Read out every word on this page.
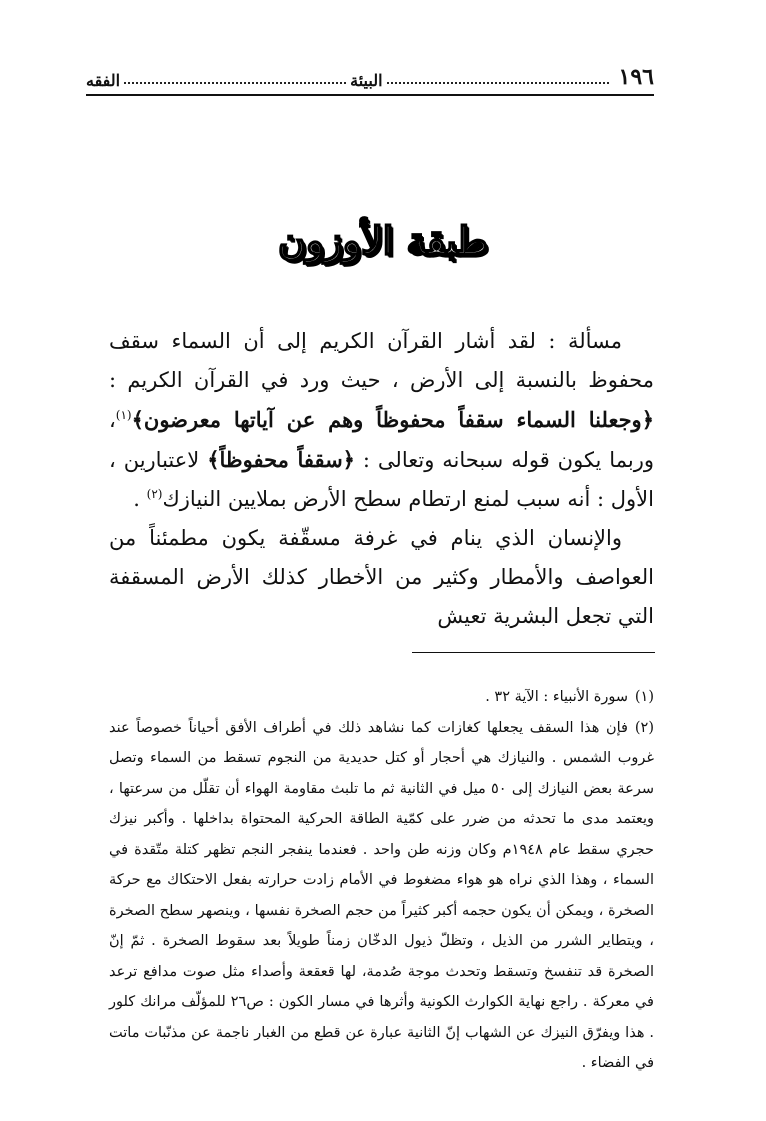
١٩٦
البيئة
الفقه
طبقة الأوزون

مسألة : لقد أشار القرآن الكريم إلى أن السماء سقف محفوظ بالنسبة إلى الأرض ، حيث ورد في القرآن الكريم : ﴿وجعلنا السماء سقفاً محفوظاً وهم عن آياتها معرضون﴾$^{(١)}$، وربما يكون قوله سبحانه وتعالى : ﴿سقفاً محفوظاً﴾ لاعتبارين ، الأول : أنه سبب لمنع ارتطام سطح الأرض بملايين النيازك$^{(٢)}$ .

والإنسان الذي ينام في غرفة مسقّفة يكون مطمئناً من العواصف والأمطار وكثير من الأخطار كذلك الأرض المسقفة التي تجعل البشرية تعيش

(١)سورة الأنبياء : الآية ٣٢ .

(٢)فإن هذا السقف يجعلها كغازات كما نشاهد ذلك في أطراف الأفق أحياناً خصوصاً عند غروب الشمس . والنيازك هي أحجار أو كتل حديدية من النجوم تسقط من السماء وتصل سرعة بعض النيازك إلى ٥٠ ميل في الثانية ثم ما تلبث مقاومة الهواء أن تقلّل من سرعتها ، ويعتمد مدى ما تحدثه من ضرر على كمّية الطاقة الحركية المحتواة بداخلها . وأكبر نيزك حجري سقط عام ١٩٤٨م وكان وزنه طن واحد . فعندما ينفجر النجم تظهر كتلة متّقدة في السماء ، وهذا الذي نراه هو هواء مضغوط في الأمام زادت حرارته بفعل الاحتكاك مع حركة الصخرة ، ويمكن أن يكون حجمه أكبر كثيراً من حجم الصخرة نفسها ، وينصهر سطح الصخرة ، ويتطاير الشرر من الذيل ، وتظلّ ذيول الدخّان زمناً طويلاً بعد سقوط الصخرة . ثمّ إنّ الصخرة قد تنفسخ وتسقط وتحدث موجة صُدمة، لها قعقعة وأصداء مثل صوت مدافع ترعد في معركة . راجع نهاية الكوارث الكونية وأثرها في مسار الكون : ص٢٦ للمؤلّف مرانك كلور . هذا ويفرّق النيزك عن الشهاب إنّ الثانية عبارة عن قطع من الغبار ناجمة عن مذنّبات ماتت في الفضاء .
